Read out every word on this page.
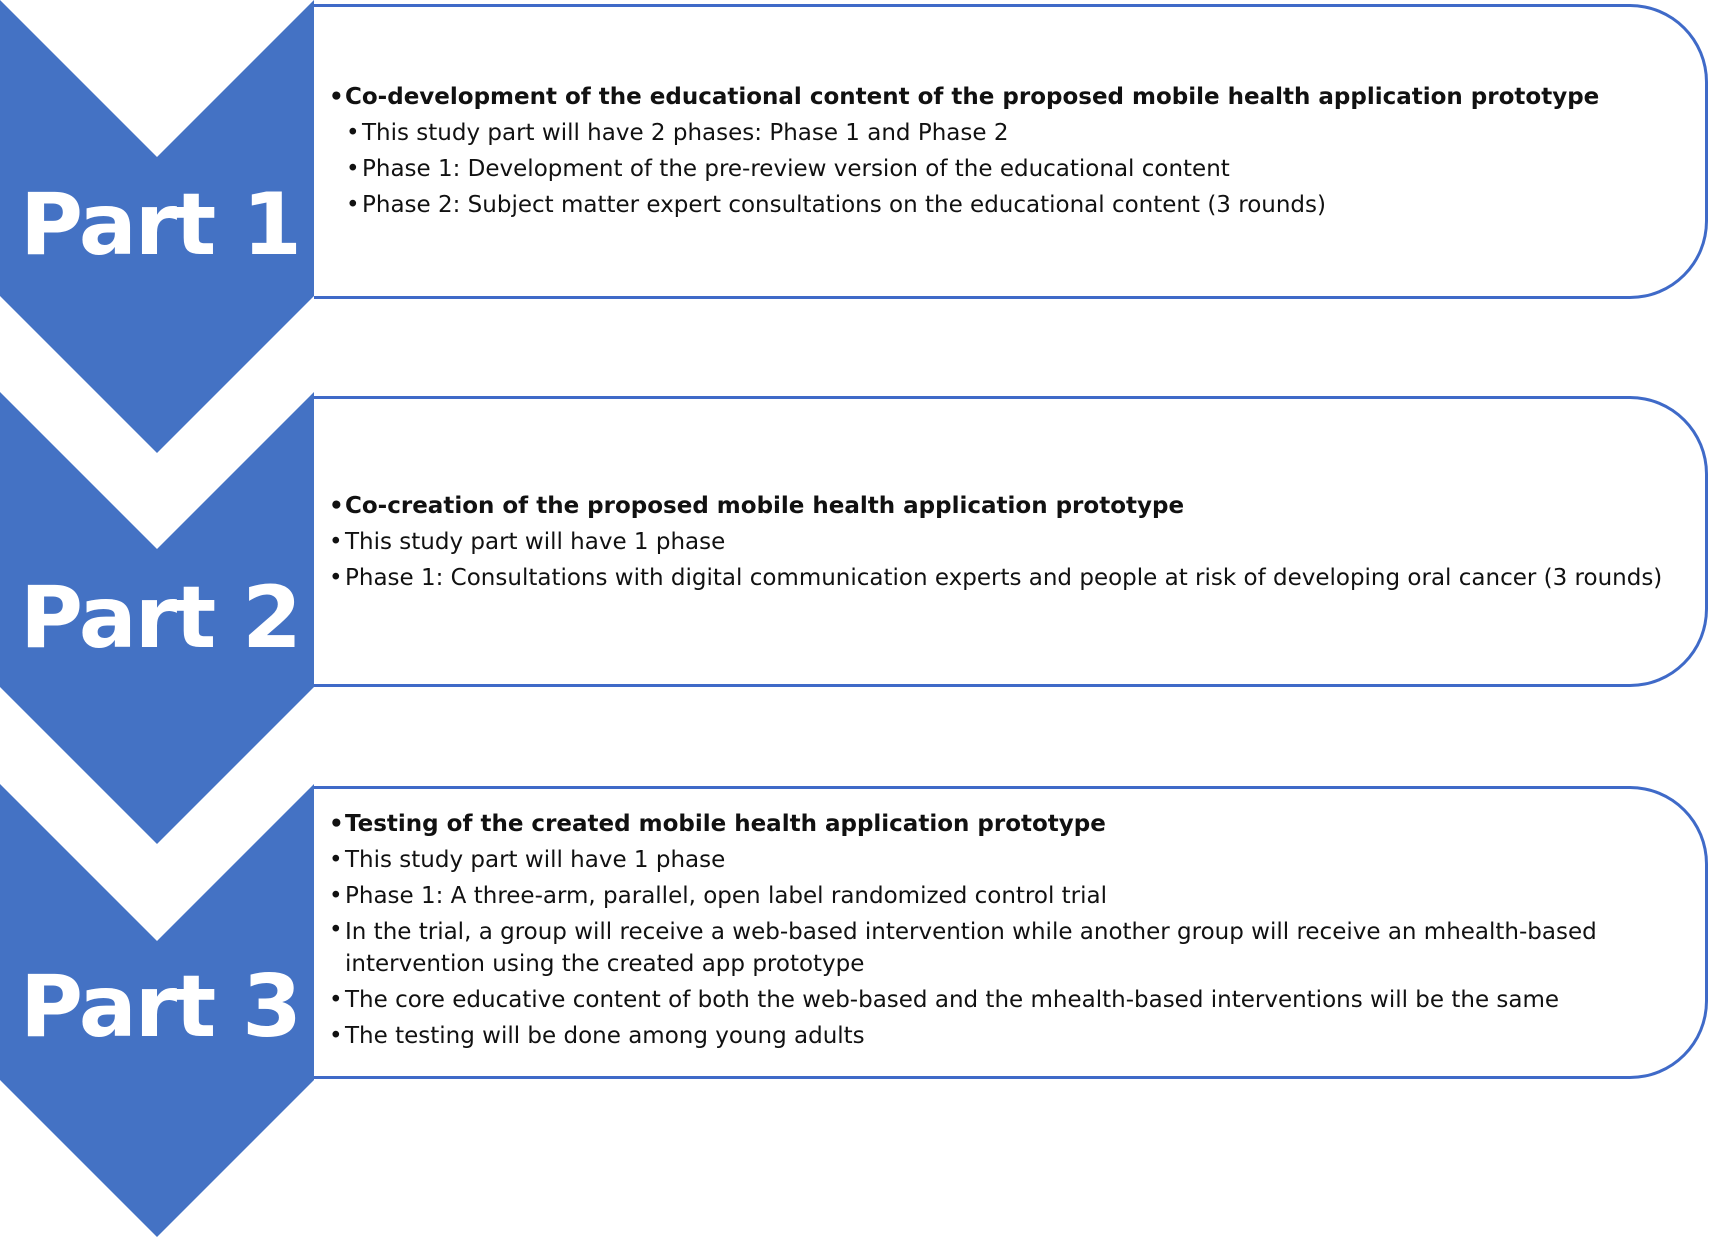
Part 1
• Co-development of the educational content of the proposed mobile health application prototype
• This study part will have 2 phases: Phase 1 and Phase 2
• Phase 1: Development of the pre-review version of the educational content
• Phase 2: Subject matter expert consultations on the educational content (3 rounds)
Part 2
• Co-creation of the proposed mobile health application prototype
• This study part will have 1 phase
• Phase 1: Consultations with digital communication experts and people at risk of developing oral cancer (3 rounds)
Part 3
• Testing of the created mobile health application prototype
• This study part will have 1 phase
• Phase 1: A three-arm, parallel, open label randomized control trial
• In the trial, a group will receive a web-based intervention while another group will receive an mhealth-based intervention using the created app prototype
• The core educative content of both the web-based and the mhealth-based interventions will be the same
• The testing will be done among young adults
